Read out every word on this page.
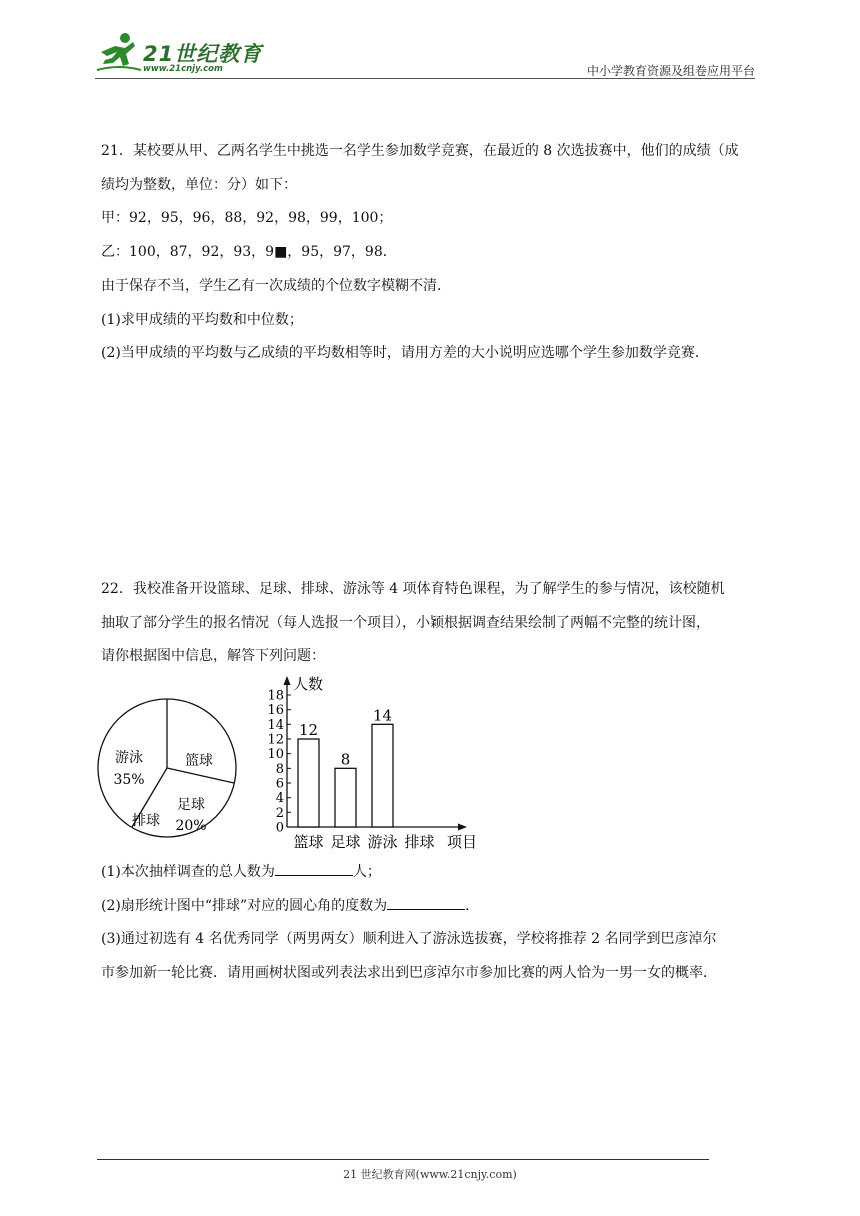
21世纪教育
www.21cnjy.com	中小学教育资源及组卷应用平台
21．某校要从甲、乙两名学生中挑选一名学生参加数学竞赛，在最近的 8 次选拔赛中，他们的成绩（成
绩均为整数，单位：分）如下：
甲：92，95，96，88，92，98，99，100；
乙：100，87，92，93，9■，95，97，98．
由于保存不当，学生乙有一次成绩的个位数字模糊不清．
(1)求甲成绩的平均数和中位数；
(2)当甲成绩的平均数与乙成绩的平均数相等时，请用方差的大小说明应选哪个学生参加数学竞赛．
22．我校准备开设篮球、足球、排球、游泳等 4 项体育特色课程，为了解学生的参与情况，该校随机
抽取了部分学生的报名情况（每人选报一个项目），小颖根据调查结果绘制了两幅不完整的统计图，
请你根据图中信息，解答下列问题：
游泳
35%
篮球
足球
20%
排球
人数
项目
0
2
4
6
8
10
12
14
16
18
12
篮球
8
足球
14
游泳 排球
(1)本次抽样调查的总人数为	人；
(2)扇形统计图中“排球”对应的圆心角的度数为	．
(3)通过初选有 4 名优秀同学（两男两女）顺利进入了游泳选拔赛，学校将推荐 2 名同学到巴彦淖尔
市参加新一轮比赛．请用画树状图或列表法求出到巴彦淖尔市参加比赛的两人恰为一男一女的概率．
21 世纪教育网(www.21cnjy.com)
